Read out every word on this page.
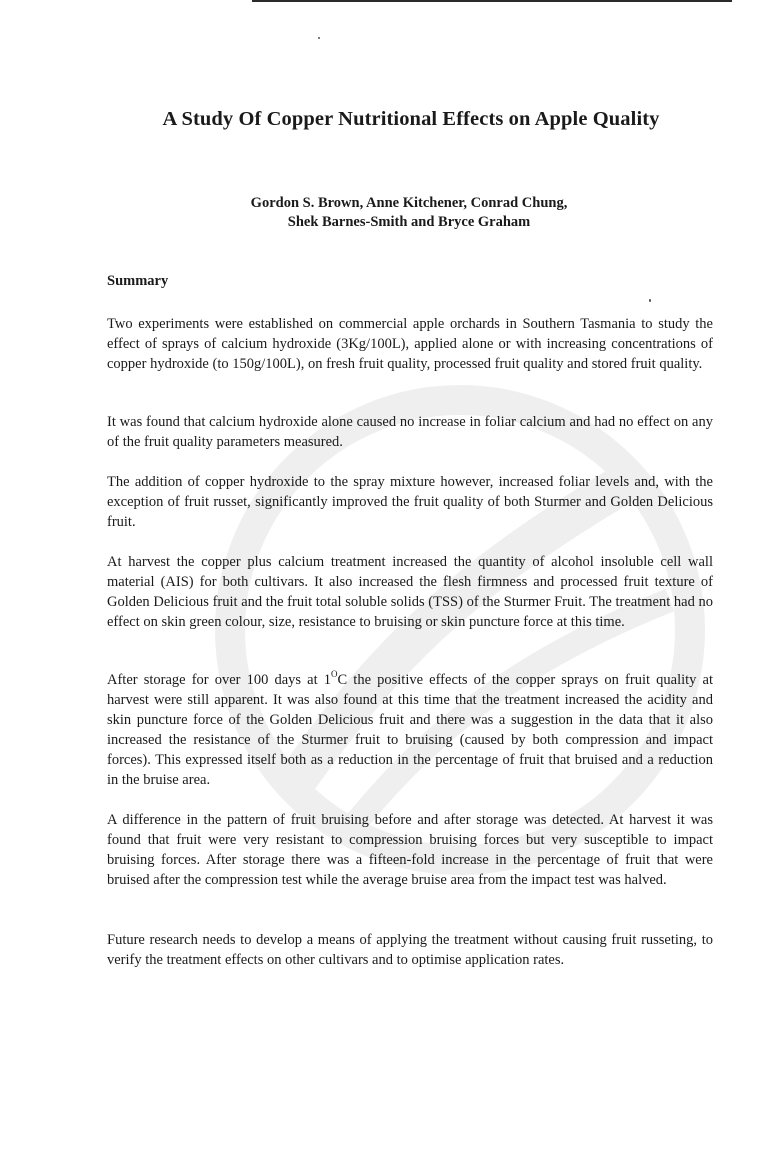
A Study Of Copper Nutritional Effects on Apple Quality
Gordon S. Brown, Anne Kitchener, Conrad Chung,
Shek Barnes-Smith and Bryce Graham
Summary
Two experiments were established on commercial apple orchards in Southern Tasmania to study the effect of sprays of calcium hydroxide (3Kg/100L), applied alone or with increasing concentrations of copper hydroxide (to 150g/100L), on fresh fruit quality, processed fruit quality and stored fruit quality.
It was found that calcium hydroxide alone caused no increase in foliar calcium and had no effect on any of the fruit quality parameters measured.
The addition of copper hydroxide to the spray mixture however, increased foliar levels and, with the exception of fruit russet, significantly improved the fruit quality of both Sturmer and Golden Delicious fruit.
At harvest the copper plus calcium treatment increased the quantity of alcohol insoluble cell wall material (AIS) for both cultivars. It also increased the flesh firmness and processed fruit texture of Golden Delicious fruit and the fruit total soluble solids (TSS) of the Sturmer Fruit. The treatment had no effect on skin green colour, size, resistance to bruising or skin puncture force at this time.
After storage for over 100 days at $1^OC$ the positive effects of the copper sprays on fruit quality at harvest were still apparent. It was also found at this time that the treatment increased the acidity and skin puncture force of the Golden Delicious fruit and there was a suggestion in the data that it also increased the resistance of the Sturmer fruit to bruising (caused by both compression and impact forces). This expressed itself both as a reduction in the percentage of fruit that bruised and a reduction in the bruise area.
A difference in the pattern of fruit bruising before and after storage was detected. At harvest it was found that fruit were very resistant to compression bruising forces but very susceptible to impact bruising forces. After storage there was a fifteen-fold increase in the percentage of fruit that were bruised after the compression test while the average bruise area from the impact test was halved.
Future research needs to develop a means of applying the treatment without causing fruit russeting, to verify the treatment effects on other cultivars and to optimise application rates.
